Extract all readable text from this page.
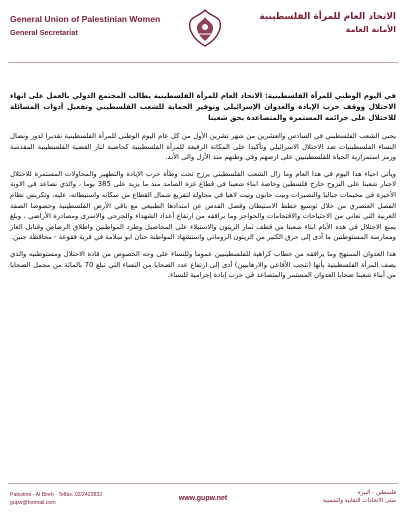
General Union of Palestinian Women
General Secretariat
الاتحاد العام للمرأة الفلسطينية
الأمانة العامة

في اليوم الوطني للمرأة الفلسطينية: الاتحاد العام للمرأة الفلسطينية يطالب المجتمع الدولي بالعمل على انهاء الاحتلال ووقف حرب الإبادة والعدوان الإسرائيلي وتوفير الحماية للشعب الفلسطيني وتفعيل أدوات المسائلة للاحتلال على جرائمه المستمرة والمتصاعدة بحق شعبنا

يحيي الشعب الفلسطيني في السادس والعشرين من شهر تشرين الأول من كل عام اليوم الوطني للمرأة الفلسطينية تقديرا لدور ونضال النساء الفلسطينيات ضد الاحتلال الاسرائيلي وتأكيدا على المكانة الرفيعة للمرأة الفلسطينية كحاضنة لنار القضية الفلسطينية المقدسة ورمز استمرارية الحياة للفلسطينيين على ارضهم وفي وطنهم منذ الأزل والى الأبد.

ويأتي احياء هذا اليوم في هذا العام وما زال الشعب الفلسطيني يرزح تحت وطأة حرب الإبادة والتطهير والمحاولات المستمرة للاحتلال لاجبار شعبنا على النزوح خارج فلسطين وخاصة ابناء شعبنا في قطاع غزة الصامد منذ ما يزيد على 385 يوما ، والذي تصاعد في الاونة الأخيرة في مخيمات جباليا والنصيرات وبيت حانون وبيت لاهيا في محاولة لتفريغ شمال القطاع من سكانه واستيطانه، عليه، وتكريس نظام الفصل العنصري من خلال توسيع خطط الاستيطان وفصل القدس عن امتدادها الطبيعي مع باقي الأرض الفلسطينية وخصوصا الضفة الغربية التي تعاني من الاجتياحات والاقتحامات والحواجز وما يرافقه من ارتفاع أعداد الشهداء والجرحى والاسرى ومصادرة الأراضي ، وبلغ يمنع الاحتلال في هذه الأيام ابناء شعبنا من قطف ثمار الزيتون والاستيلاء على المحاصيل وطرد المواطنين واطلاق الرصاص وقنابل الغاز وممارسة المستوطنين ما أدى إلى حرق الكثير من الزيتون الروماني واستشهاد المواطنة حنان ابو سلامة في قرية فقوعة - محافظة جنين.

هذا العدوان الممنهج وما يرافقه من خطاب كراهية للفلسطينيين عموما وللنساء على وجه الخصوص من قادة الاحتلال ومستوطنيه والذي يصف المرأة الفلسطينية بأنها (تنجب الأفاعي والارهابيين) أدى إلى ارتفاع عدد الضحايا من النساء التي تبلغ 70 بالمائة من مجمل الضحايا من أبناء شعبنا ضحايا العدوان المستمر والمتصاعد في حرب إبادة إجرامية للنساء.

Palestine - Al Bireh - Telfax: 02/2423832
gupw@hotmail.com
www.gupw.net
فلسطين - البيرة
مبنى الاتحادات النقابية والشعبية
